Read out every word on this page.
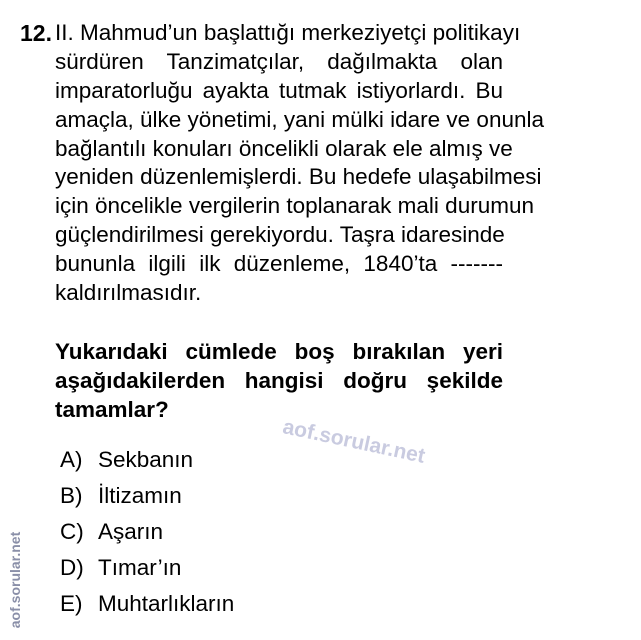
12. II. Mahmud’un başlattığı merkeziyetçi politikayı
sürdüren Tanzimatçılar, dağılmakta olan
imparatorluğu ayakta tutmak istiyorlardı. Bu
amaçla, ülke yönetimi, yani mülki idare ve onunla
bağlantılı konuları öncelikli olarak ele almış ve
yeniden düzenlemişlerdi. Bu hedefe ulaşabilmesi
için öncelikle vergilerin toplanarak mali durumun
güçlendirilmesi gerekiyordu. Taşra idaresinde
bununla ilgili ilk düzenleme, 1840’ta -------
kaldırılmasıdır.
Yukarıdaki cümlede boş bırakılan yeri
aşağıdakilerden hangisi doğru şekilde
tamamlar?
aof.sorular.net
A) Sekbanın
B) İltizamın
C) Aşarın
D) Tımar’ın
E) Muhtarlıkların
aof.sorular.net
